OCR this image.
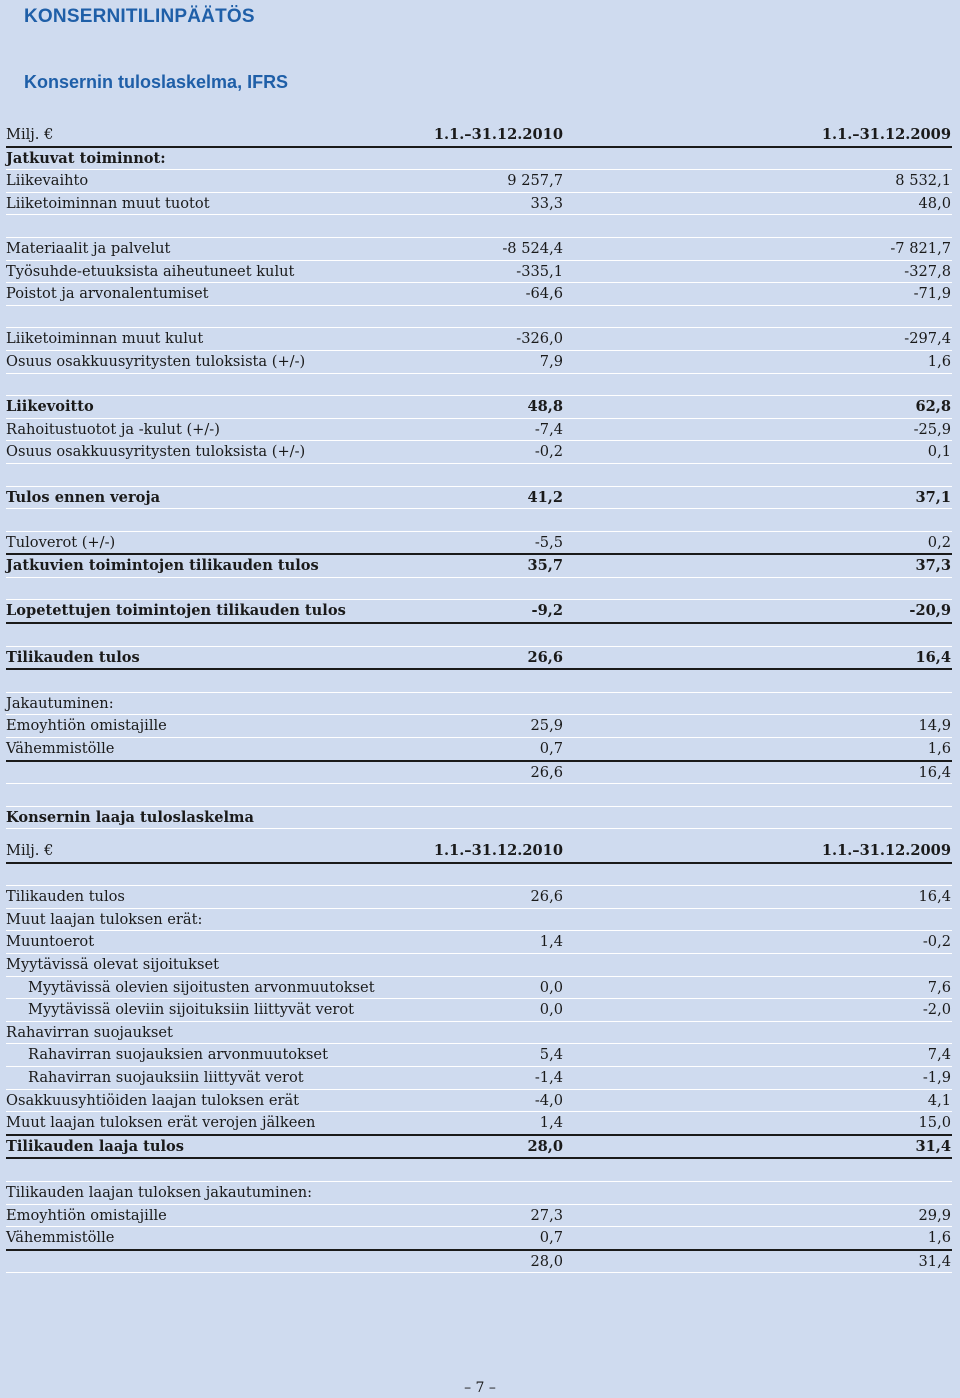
KONSERNITILINPÄÄTÖS
Konsernin tuloslaskelma, IFRS
Milj. €	1.1.–31.12.2010	1.1.–31.12.2009
Jatkuvat toiminnot:
Liikevaihto	9 257,7	8 532,1
Liiketoiminnan muut tuotot	33,3	48,0
Materiaalit ja palvelut	-8 524,4	-7 821,7
Työsuhde-etuuksista aiheutuneet kulut	-335,1	-327,8
Poistot ja arvonalentumiset	-64,6	-71,9
Liiketoiminnan muut kulut	-326,0	-297,4
Osuus osakkuusyritysten tuloksista (+/-)	7,9	1,6
Liikevoitto	48,8	62,8
Rahoitustuotot ja -kulut (+/-)	-7,4	-25,9
Osuus osakkuusyritysten tuloksista (+/-)	-0,2	0,1
Tulos ennen veroja	41,2	37,1
Tuloverot (+/-)	-5,5	0,2
Jatkuvien toimintojen tilikauden tulos	35,7	37,3
Lopetettujen toimintojen tilikauden tulos	-9,2	-20,9
Tilikauden tulos	26,6	16,4
Jakautuminen:
Emoyhtiön omistajille	25,9	14,9
Vähemmistölle	0,7	1,6
26,6	16,4
Konsernin laaja tuloslaskelma
Milj. €	1.1.–31.12.2010	1.1.–31.12.2009
Tilikauden tulos	26,6	16,4
Muut laajan tuloksen erät:
Muuntoerot	1,4	-0,2
Myytävissä olevat sijoitukset
Myytävissä olevien sijoitusten arvonmuutokset	0,0	7,6
Myytävissä oleviin sijoituksiin liittyvät verot	0,0	-2,0
Rahavirran suojaukset
Rahavirran suojauksien arvonmuutokset	5,4	7,4
Rahavirran suojauksiin liittyvät verot	-1,4	-1,9
Osakkuusyhtiöiden laajan tuloksen erät	-4,0	4,1
Muut laajan tuloksen erät verojen jälkeen	1,4	15,0
Tilikauden laaja tulos	28,0	31,4
Tilikauden laajan tuloksen jakautuminen:
Emoyhtiön omistajille	27,3	29,9
Vähemmistölle	0,7	1,6
28,0	31,4
– 7 –
